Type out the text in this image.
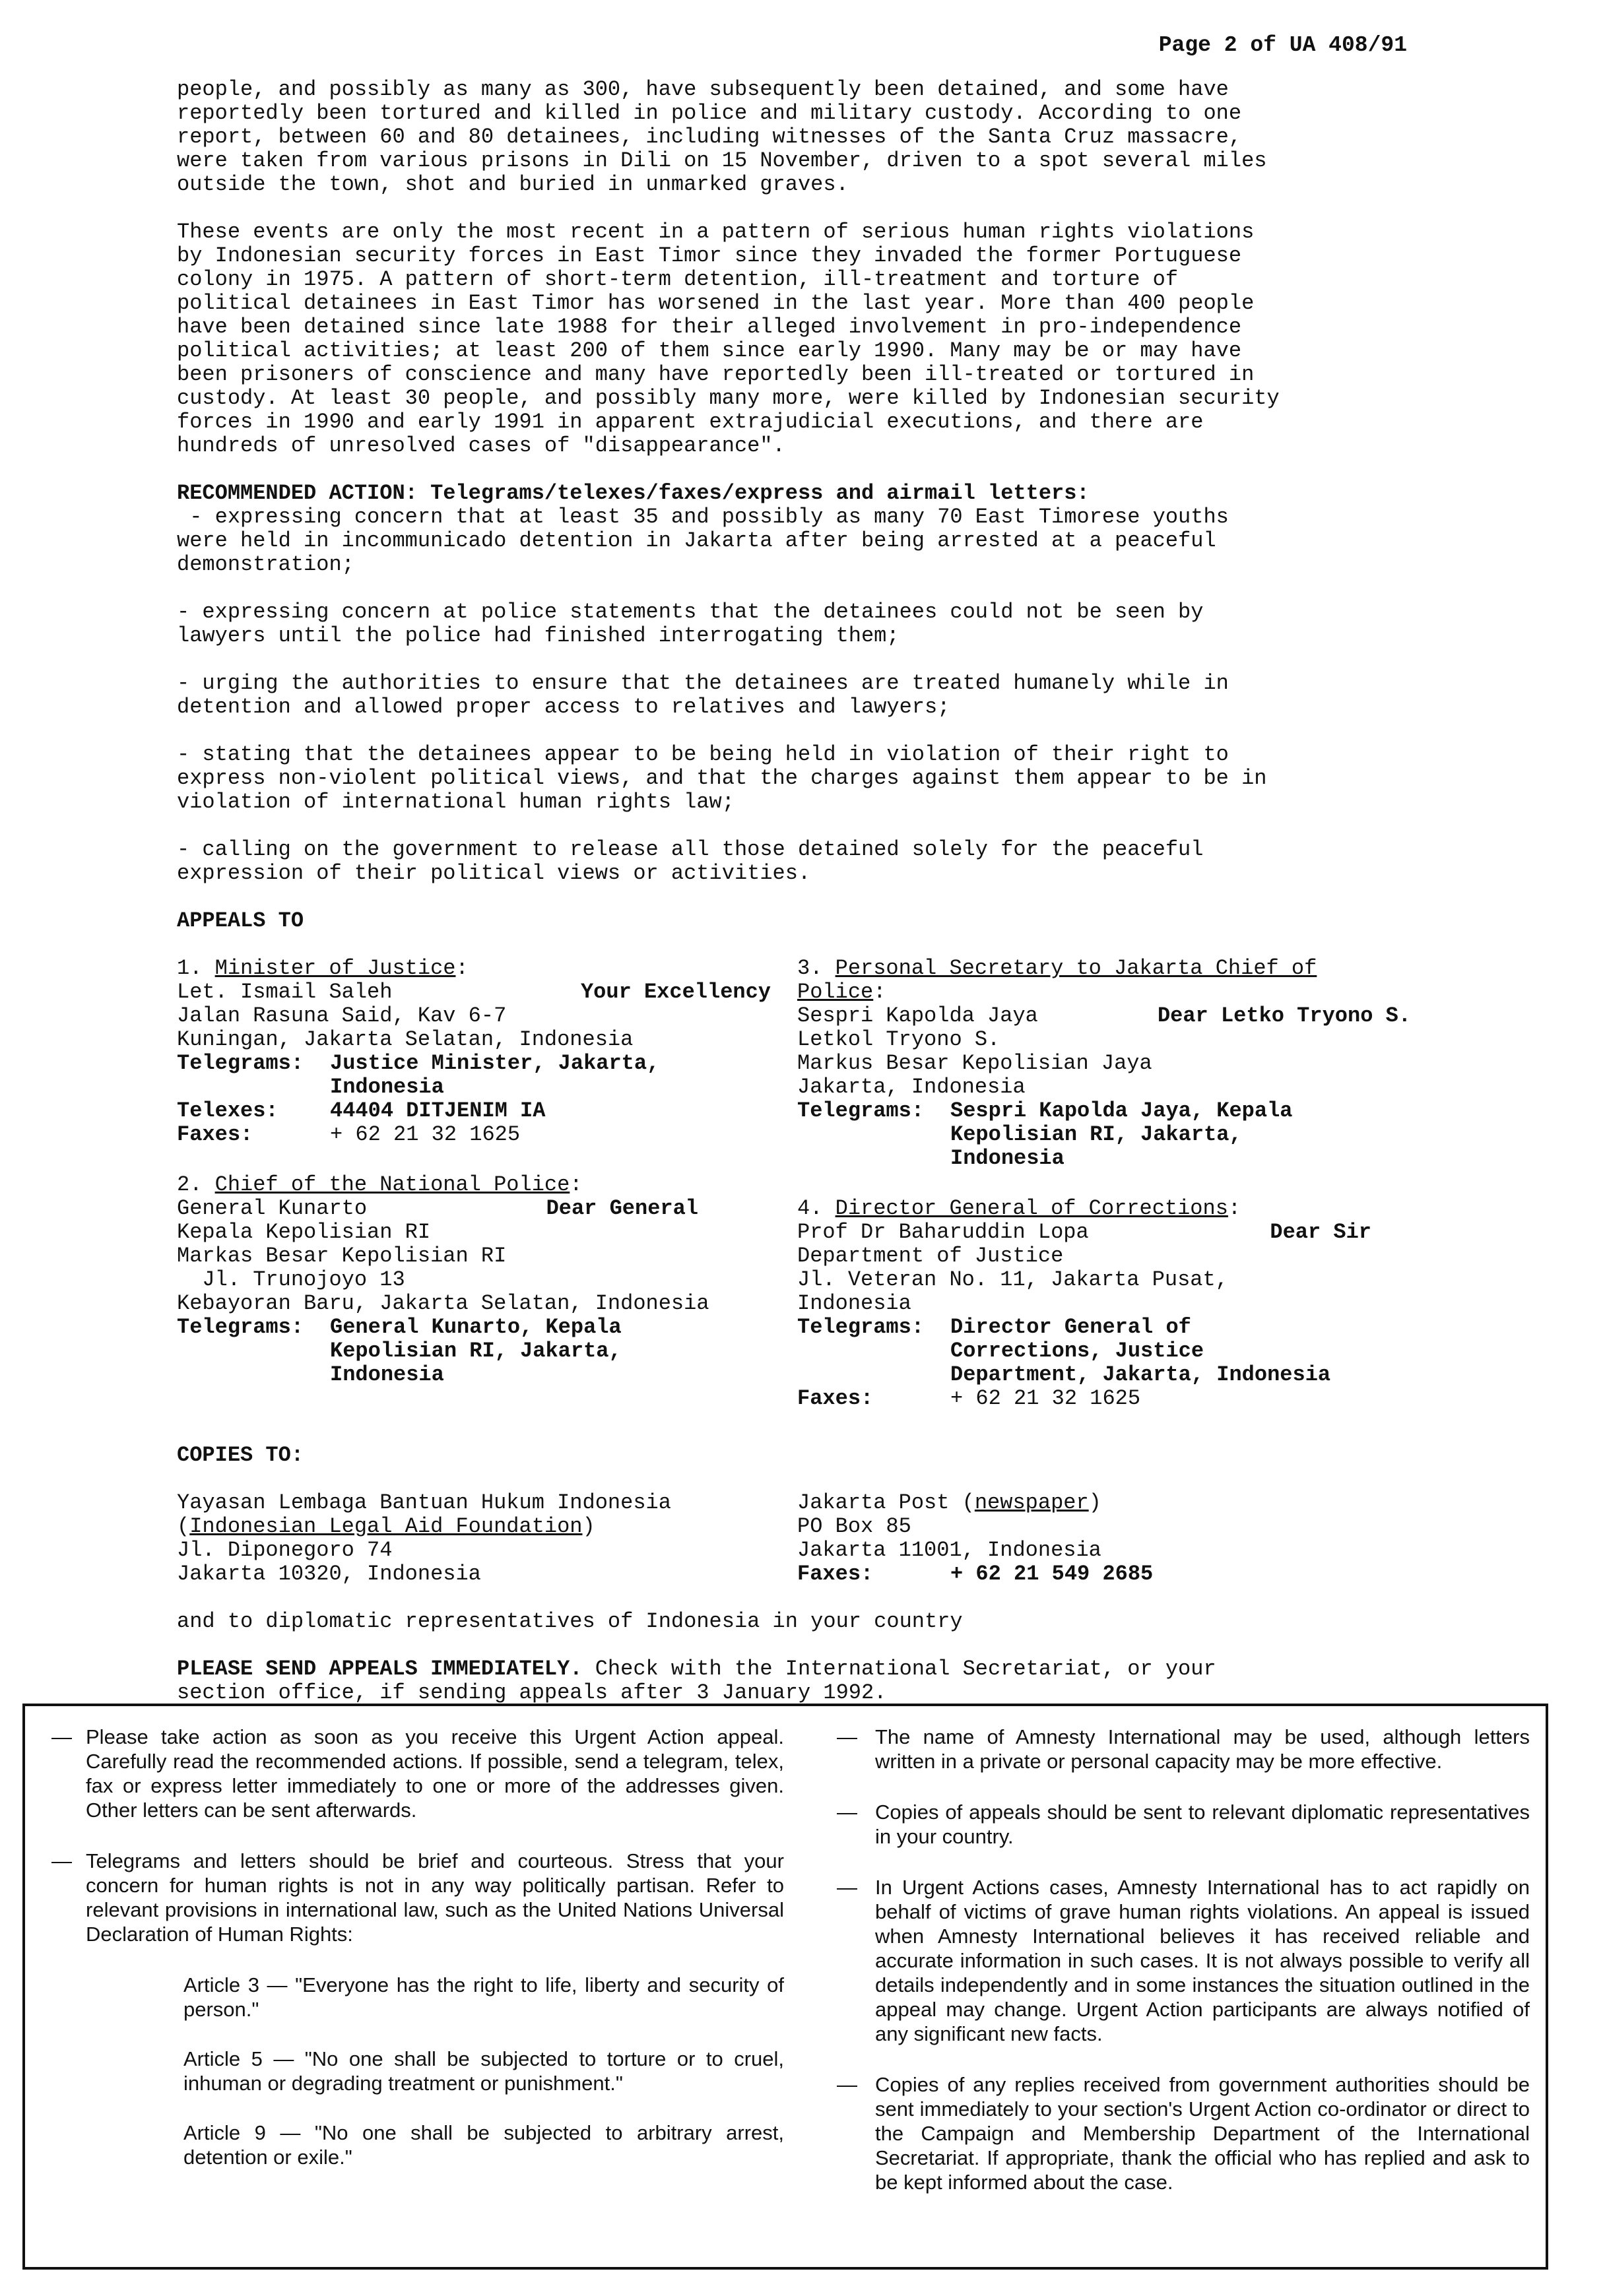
Page 2 of UA 408/91

people, and possibly as many as 300, have subsequently been detained, and some have
reportedly been tortured and killed in police and military custody. According to one
report, between 60 and 80 detainees, including witnesses of the Santa Cruz massacre,
were taken from various prisons in Dili on 15 November, driven to a spot several miles
outside the town, shot and buried in unmarked graves.

These events are only the most recent in a pattern of serious human rights violations
by Indonesian security forces in East Timor since they invaded the former Portuguese
colony in 1975. A pattern of short-term detention, ill-treatment and torture of
political detainees in East Timor has worsened in the last year. More than 400 people
have been detained since late 1988 for their alleged involvement in pro-independence
political activities; at least 200 of them since early 1990. Many may be or may have
been prisoners of conscience and many have reportedly been ill-treated or tortured in
custody. At least 30 people, and possibly many more, were killed by Indonesian security
forces in 1990 and early 1991 in apparent extrajudicial executions, and there are
hundreds of unresolved cases of "disappearance".

RECOMMENDED ACTION: Telegrams/telexes/faxes/express and airmail letters:

- expressing concern that at least 35 and possibly as many 70 East Timorese youths
were held in incommunicado detention in Jakarta after being arrested at a peaceful
demonstration;

- expressing concern at police statements that the detainees could not be seen by
lawyers until the police had finished interrogating them;

- urging the authorities to ensure that the detainees are treated humanely while in
detention and allowed proper access to relatives and lawyers;

- stating that the detainees appear to be being held in violation of their right to
express non-violent political views, and that the charges against them appear to be in
violation of international human rights law;

- calling on the government to release all those detained solely for the peaceful
expression of their political views or activities.

APPEALS TO
1. Minister of Justice:
Let. Ismail Saleh	Your Excellency
Jalan Rasuna Said, Kav 6-7
Kuningan, Jakarta Selatan, Indonesia
Telegrams:	Justice Minister, Jakarta,
Indonesia
Telexes:	44404 DITJENIM IA
Faxes:	+ 62 21 32 1625
2. Chief of the National Police:
General Kunarto	Dear General
Kepala Kepolisian RI
Markas Besar Kepolisian RI
Jl. Trunojoyo 13
Kebayoran Baru, Jakarta Selatan, Indonesia
Telegrams:	General Kunarto, Kepala
Kepolisian RI, Jakarta,
Indonesia
3. Personal Secretary to Jakarta Chief of
Police:
Sespri Kapolda Jaya	Dear Letko Tryono S.
Letkol Tryono S.
Markus Besar Kepolisian Jaya
Jakarta, Indonesia
Telegrams:	Sespri Kapolda Jaya, Kepala
Kepolisian RI, Jakarta,
Indonesia
4. Director General of Corrections:
Prof Dr Baharuddin Lopa	Dear Sir
Department of Justice
Jl. Veteran No. 11, Jakarta Pusat,
Indonesia
Telegrams:	Director General of
Corrections, Justice
Department, Jakarta, Indonesia
Faxes:	+ 62 21 32 1625
COPIES TO:
Yayasan Lembaga Bantuan Hukum Indonesia
(Indonesian Legal Aid Foundation)
Jl. Diponegoro 74
Jakarta 10320, Indonesia
Jakarta Post (newspaper)
PO Box 85
Jakarta 11001, Indonesia
Faxes:	+ 62 21 549 2685

and to diplomatic representatives of Indonesia in your country

PLEASE SEND APPEALS IMMEDIATELY. Check with the International Secretariat, or your
section office, if sending appeals after 3 January 1992.

— Please take action as soon as you receive this Urgent Action appeal. Carefully read the recommended actions. If possible, send a telegram, telex, fax or express letter immediately to one or more of the addresses given. Other letters can be sent afterwards.
— Telegrams and letters should be brief and courteous. Stress that your concern for human rights is not in any way politically partisan. Refer to relevant provisions in international law, such as the United Nations Universal Declaration of Human Rights:
Article 3 — "Everyone has the right to life, liberty and security of person."
Article 5 — "No one shall be subjected to torture or to cruel, inhuman or degrading treatment or punishment."
Article 9 — "No one shall be subjected to arbitrary arrest, detention or exile."
— The name of Amnesty International may be used, although letters written in a private or personal capacity may be more effective.
— Copies of appeals should be sent to relevant diplomatic representatives in your country.
— In Urgent Actions cases, Amnesty International has to act rapidly on behalf of victims of grave human rights violations. An appeal is issued when Amnesty International believes it has received reliable and accurate information in such cases. It is not always possible to verify all details independently and in some instances the situation outlined in the appeal may change. Urgent Action participants are always notified of any significant new facts.
— Copies of any replies received from government authorities should be sent immediately to your section's Urgent Action co-ordinator or direct to the Campaign and Membership Department of the International Secretariat. If appropriate, thank the official who has replied and ask to be kept informed about the case.
